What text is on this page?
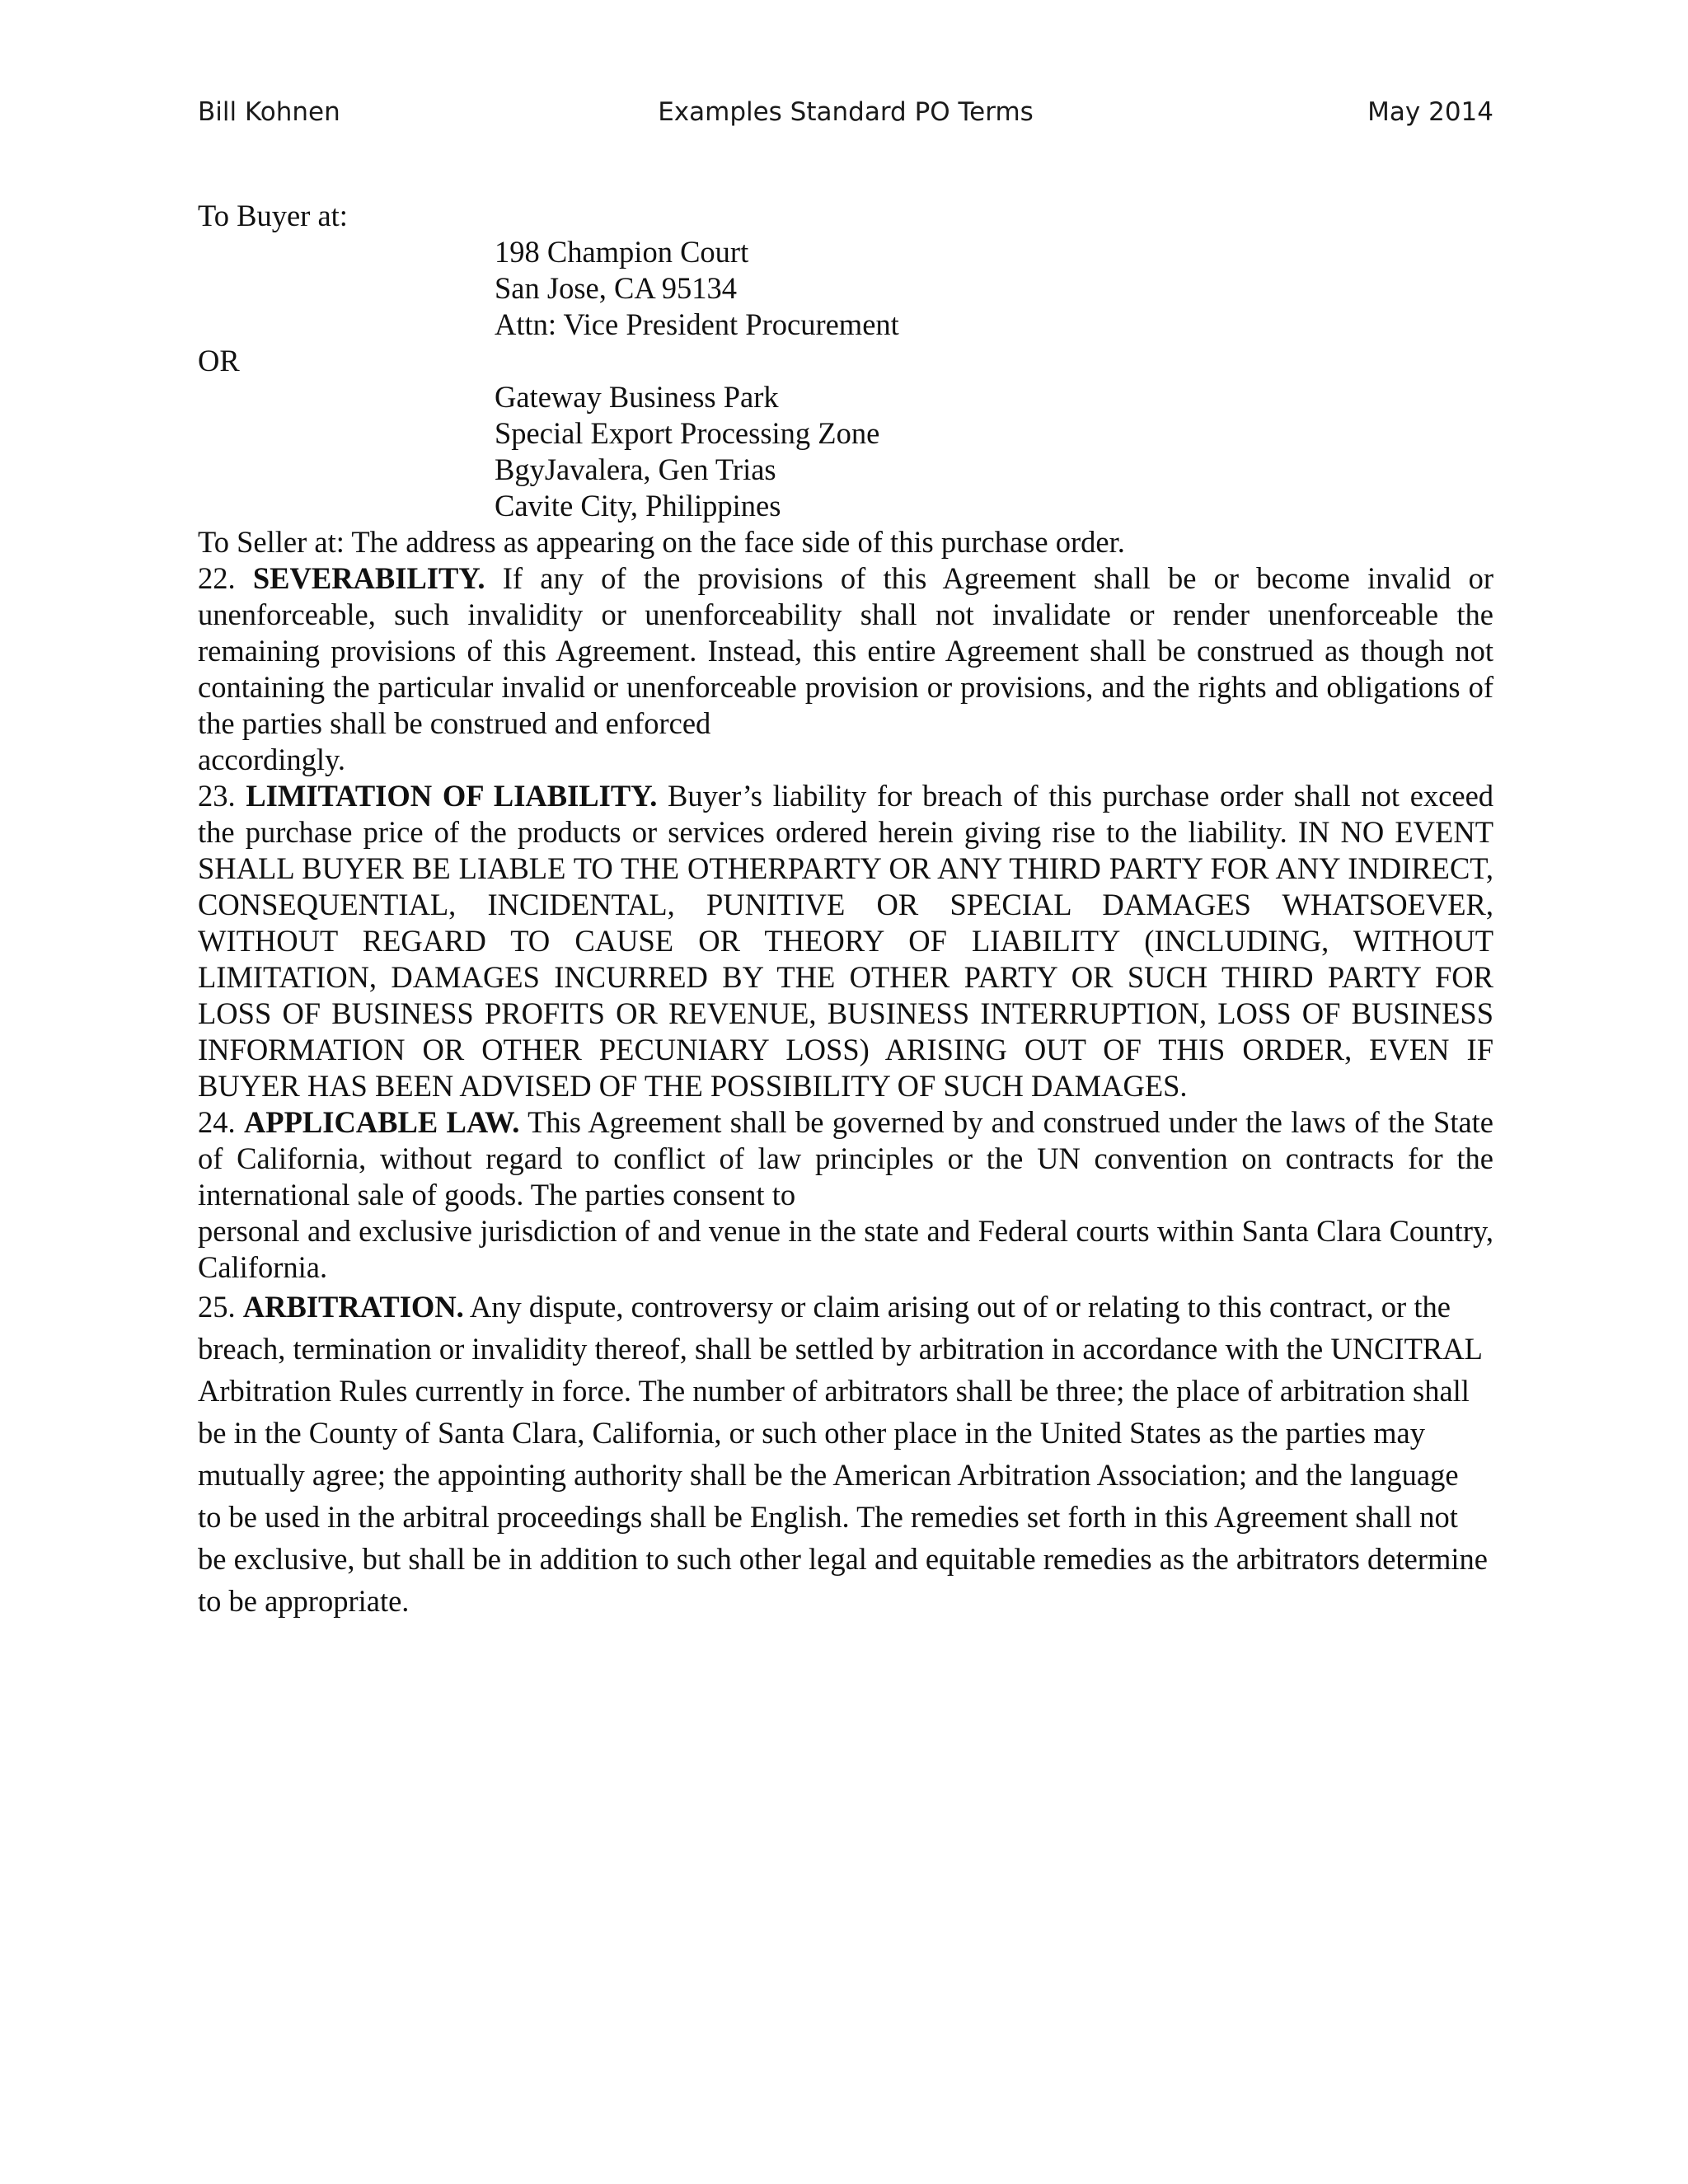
Bill Kohnen	Examples Standard PO Terms	May 2014
To Buyer at:
198 Champion Court
San Jose, CA 95134
Attn: Vice President Procurement
OR
Gateway Business Park
Special Export Processing Zone
BgyJavalera, Gen Trias
Cavite City, Philippines
To Seller at: The address as appearing on the face side of this purchase order.
22. SEVERABILITY. If any of the provisions of this Agreement shall be or become invalid or unenforceable, such invalidity or unenforceability shall not invalidate or render unenforceable the remaining provisions of this Agreement. Instead, this entire Agreement shall be construed as though not containing the particular invalid or unenforceable provision or provisions, and the rights and obligations of the parties shall be construed and enforced
accordingly.
23. LIMITATION OF LIABILITY. Buyer’s liability for breach of this purchase order shall not exceed the purchase price of the products or services ordered herein giving rise to the liability. IN NO EVENT SHALL BUYER BE LIABLE TO THE OTHERPARTY OR ANY THIRD PARTY FOR ANY INDIRECT, CONSEQUENTIAL, INCIDENTAL, PUNITIVE OR SPECIAL DAMAGES WHATSOEVER, WITHOUT REGARD TO CAUSE OR THEORY OF LIABILITY (INCLUDING, WITHOUT LIMITATION, DAMAGES INCURRED BY THE OTHER PARTY OR SUCH THIRD PARTY FOR LOSS OF BUSINESS PROFITS OR REVENUE, BUSINESS INTERRUPTION, LOSS OF BUSINESS INFORMATION OR OTHER PECUNIARY LOSS) ARISING OUT OF THIS ORDER, EVEN IF BUYER HAS BEEN ADVISED OF THE POSSIBILITY OF SUCH DAMAGES.
24. APPLICABLE LAW. This Agreement shall be governed by and construed under the laws of the State of California, without regard to conflict of law principles or the UN convention on contracts for the international sale of goods. The parties consent to
personal and exclusive jurisdiction of and venue in the state and Federal courts within Santa Clara Country, California.
25. ARBITRATION. Any dispute, controversy or claim arising out of or relating to this contract, or the breach, termination or invalidity thereof, shall be settled by arbitration in accordance with the UNCITRAL Arbitration Rules currently in force. The number of arbitrators shall be three; the place of arbitration shall be in the County of Santa Clara, California, or such other place in the United States as the parties may mutually agree; the appointing authority shall be the American Arbitration Association; and the language to be used in the arbitral proceedings shall be English. The remedies set forth in this Agreement shall not be exclusive, but shall be in addition to such other legal and equitable remedies as the arbitrators determine to be appropriate.
